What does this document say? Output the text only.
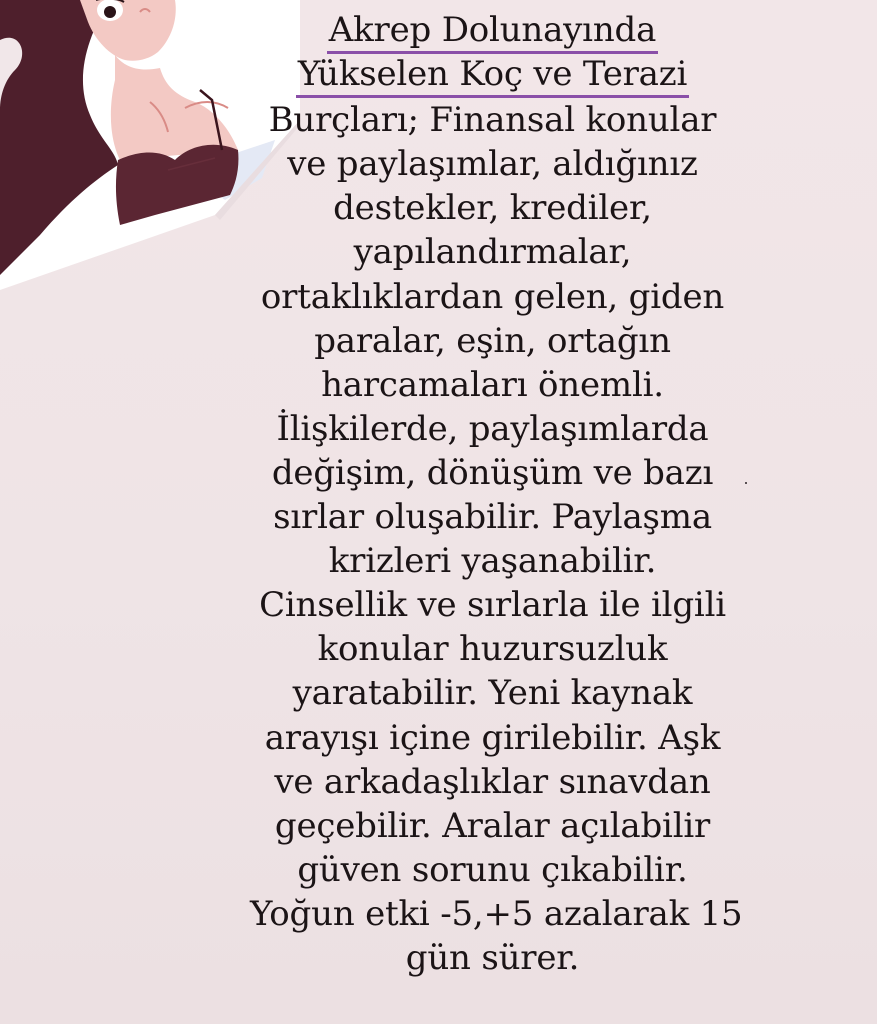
Akrep Dolunayında
Yükselen Koç ve Terazi
Burçları; Finansal konular
ve paylaşımlar, aldığınız
destekler, krediler,
yapılandırmalar,
ortaklıklardan gelen, giden
paralar, eşin, ortağın
harcamaları önemli.
İlişkilerde, paylaşımlarda
değişim, dönüşüm ve bazı
sırlar oluşabilir. Paylaşma
krizleri yaşanabilir.
Cinsellik ve sırlarla ile ilgili
konular huzursuzluk
yaratabilir. Yeni kaynak
arayışı içine girilebilir. Aşk
ve arkadaşlıklar sınavdan
geçebilir. Aralar açılabilir
güven sorunu çıkabilir.
Yoğun etki -5,+5 azalarak 15
gün sürer.
